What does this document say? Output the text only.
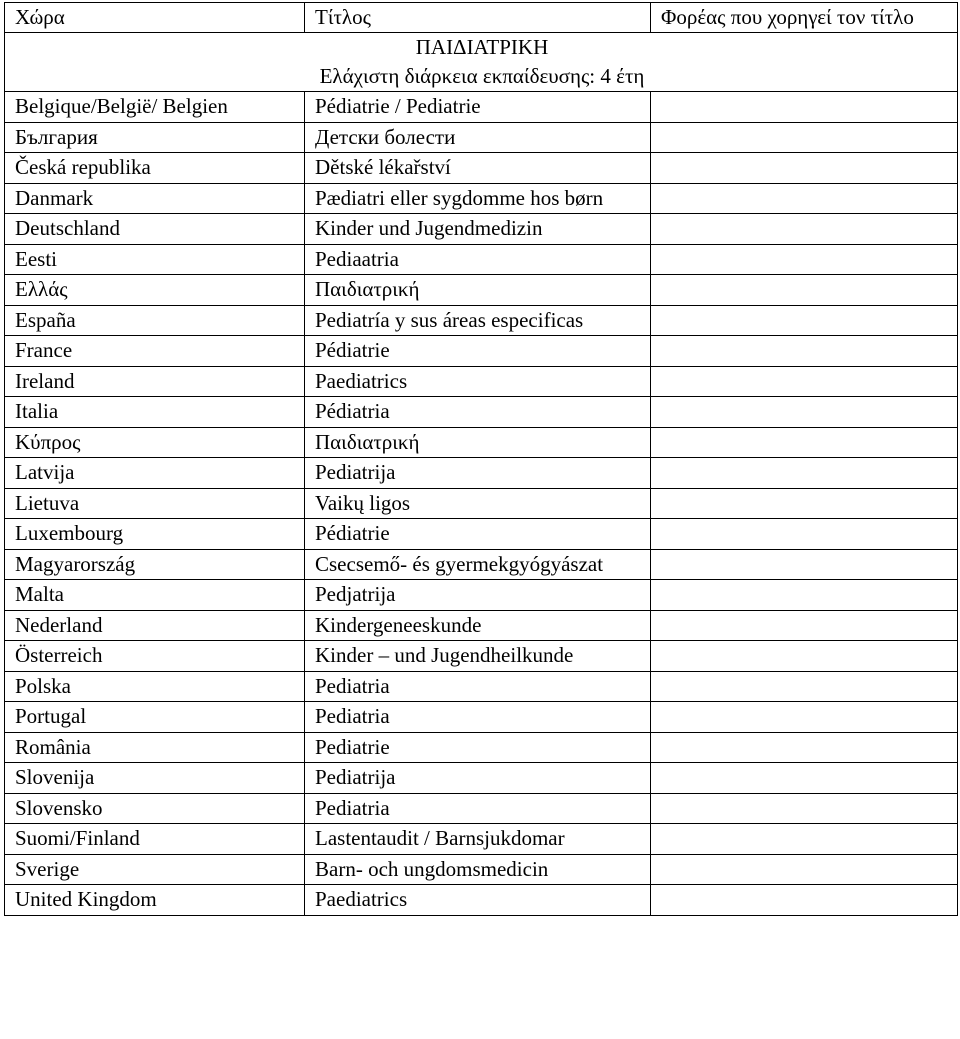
Χώρα	Τίτλος	Φορέας που χορηγεί τον τίτλο

ΠΑΙΔΙΑΤΡΙΚΗ
Ελάχιστη διάρκεια εκπαίδευσης: 4 έτη		

Belgique/België/ Belgien	Pédiatrie / Pediatrie	

България	Детски болести	

Česká republika	Dětské lékařství	

Danmark	Pædiatri eller sygdomme hos børn	

Deutschland	Kinder und Jugendmedizin	

Eesti	Pediaatria	

Ελλάς	Παιδιατρική	

España	Pediatría y sus áreas especificas	

France	Pédiatrie	

Ireland	Paediatrics	

Italia	Pédiatria	

Κύπρος	Παιδιατρική	

Latvija	Pediatrija	

Lietuva	Vaikų ligos	

Luxembourg	Pédiatrie	

Magyarország	Csecsemő- és gyermekgyógyászat	

Malta	Pedjatrija	

Nederland	Kindergeneeskunde	

Österreich	Kinder – und Jugendheilkunde	

Polska	Pediatria	

Portugal	Pediatria	

România	Pediatrie	

Slovenija	Pediatrija	

Slovensko	Pediatria	

Suomi/Finland	Lastentaudit / Barnsjukdomar	

Sverige	Barn- och ungdomsmedicin	

United Kingdom	Paediatrics	
